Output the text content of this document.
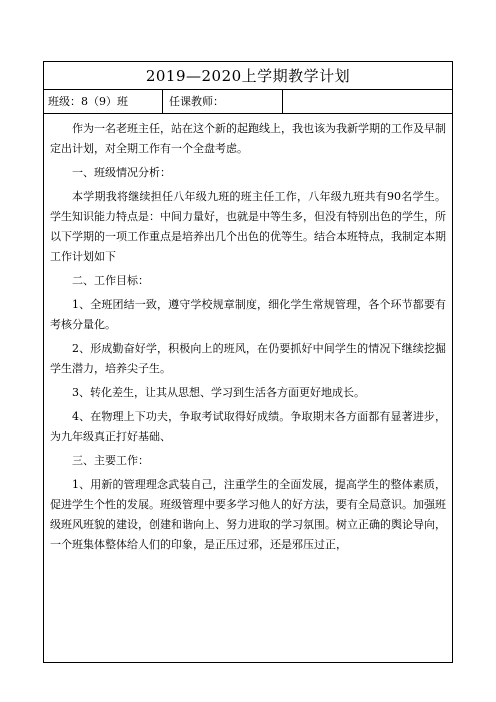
2019—2020上学期教学计划
班级：8（9）班	任课教师：

作为一名老班主任，站在这个新的起跑线上，我也该为我新学期的工作及早制定出计划，对全期工作有一个全盘考虑。

一、班级情况分析：

本学期我将继续担任八年级九班的班主任工作，八年级九班共有90名学生。学生知识能力特点是：中间力量好，也就是中等生多，但没有特别出色的学生，所以下学期的一项工作重点是培养出几个出色的优等生。结合本班特点，我制定本期工作计划如下

二、工作目标：

1、全班团结一致，遵守学校规章制度，细化学生常规管理，各个环节都要有考核分量化。

2、形成勤奋好学，积极向上的班风，在仍要抓好中间学生的情况下继续挖掘学生潜力，培养尖子生。

3、转化差生，让其从思想、学习到生活各方面更好地成长。

4、在物理上下功夫，争取考试取得好成绩。争取期末各方面都有显著进步，为九年级真正打好基础、

三、主要工作：

1、用新的管理理念武装自己，注重学生的全面发展，提高学生的整体素质，促进学生个性的发展。班级管理中要多学习他人的好方法，要有全局意识。加强班级班风班貌的建设，创建和谐向上、努力进取的学习氛围。树立正确的舆论导向，一个班集体整体给人们的印象，是正压过邪，还是邪压过正，
